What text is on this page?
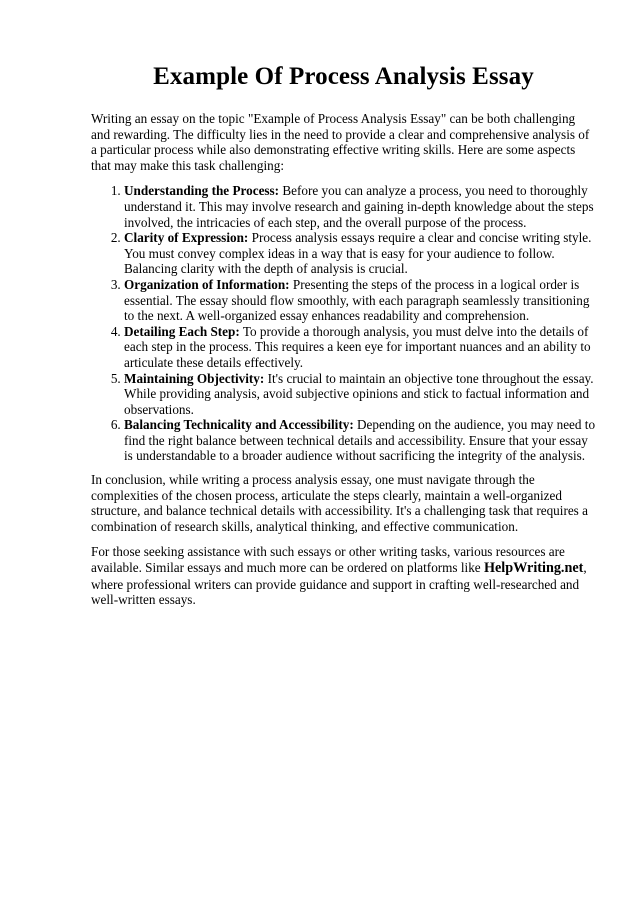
Example Of Process Analysis Essay

Writing an essay on the topic "Example of Process Analysis Essay" can be both challenging and rewarding. The difficulty lies in the need to provide a clear and comprehensive analysis of a particular process while also demonstrating effective writing skills. Here are some aspects that may make this task challenging:

1. Understanding the Process: Before you can analyze a process, you need to thoroughly understand it. This may involve research and gaining in-depth knowledge about the steps involved, the intricacies of each step, and the overall purpose of the process.
2. Clarity of Expression: Process analysis essays require a clear and concise writing style. You must convey complex ideas in a way that is easy for your audience to follow. Balancing clarity with the depth of analysis is crucial.
3. Organization of Information: Presenting the steps of the process in a logical order is essential. The essay should flow smoothly, with each paragraph seamlessly transitioning to the next. A well-organized essay enhances readability and comprehension.
4. Detailing Each Step: To provide a thorough analysis, you must delve into the details of each step in the process. This requires a keen eye for important nuances and an ability to articulate these details effectively.
5. Maintaining Objectivity: It's crucial to maintain an objective tone throughout the essay. While providing analysis, avoid subjective opinions and stick to factual information and observations.
6. Balancing Technicality and Accessibility: Depending on the audience, you may need to find the right balance between technical details and accessibility. Ensure that your essay is understandable to a broader audience without sacrificing the integrity of the analysis.

In conclusion, while writing a process analysis essay, one must navigate through the complexities of the chosen process, articulate the steps clearly, maintain a well-organized structure, and balance technical details with accessibility. It's a challenging task that requires a combination of research skills, analytical thinking, and effective communication.

For those seeking assistance with such essays or other writing tasks, various resources are available. Similar essays and much more can be ordered on platforms like HelpWriting.net, where professional writers can provide guidance and support in crafting well-researched and well-written essays.
